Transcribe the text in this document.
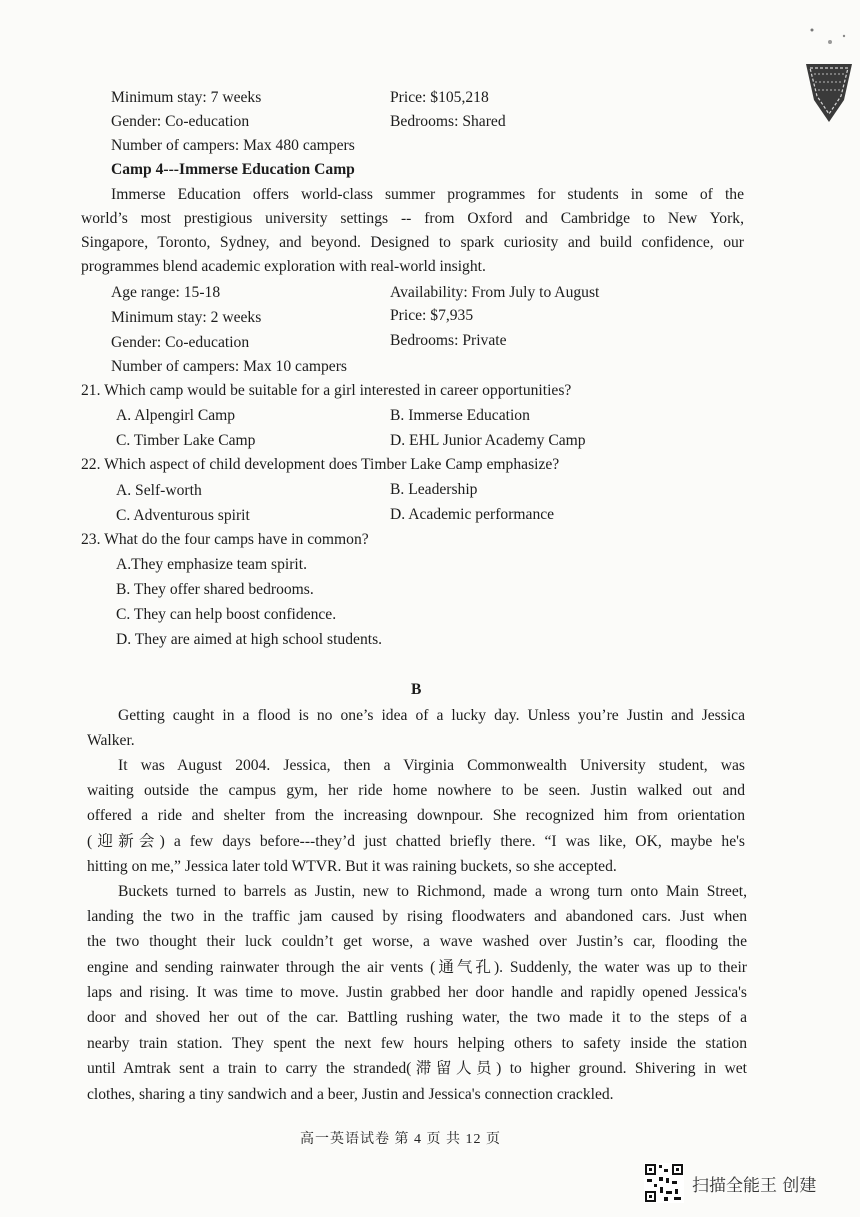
Minimum stay: 7 weeks	Price: $105,218
Gender: Co-education	Bedrooms: Shared
Number of campers: Max 480 campers
Camp 4---Immerse Education Camp
Immerse Education offers world-class summer programmes for students in some of the
world’s most prestigious university settings -- from Oxford and Cambridge to New York,
Singapore, Toronto, Sydney, and beyond. Designed to spark curiosity and build confidence, our
programmes blend academic exploration with real-world insight.
Age range: 15-18	Availability: From July to August
Minimum stay: 2 weeks	Price: $7,935
Gender: Co-education	Bedrooms: Private
Number of campers: Max 10 campers
21. Which camp would be suitable for a girl interested in career opportunities?
A. Alpengirl Camp	B. Immerse Education
C. Timber Lake Camp	D. EHL Junior Academy Camp
22. Which aspect of child development does Timber Lake Camp emphasize?
A. Self-worth	B. Leadership
C. Adventurous spirit	D. Academic performance
23. What do the four camps have in common?
A.They emphasize team spirit.
B. They offer shared bedrooms.
C. They can help boost confidence.
D. They are aimed at high school students.
B
Getting caught in a flood is no one’s idea of a lucky day. Unless you’re Justin and Jessica
Walker.
It was August 2004. Jessica, then a Virginia Commonwealth University student, was
waiting outside the campus gym, her ride home nowhere to be seen. Justin walked out and
offered a ride and shelter from the increasing downpour. She recognized him from orientation
(迎新会) a few days before---they’d just chatted briefly there. “I was like, OK, maybe he's
hitting on me,” Jessica later told WTVR. But it was raining buckets, so she accepted.
Buckets turned to barrels as Justin, new to Richmond, made a wrong turn onto Main Street,
landing the two in the traffic jam caused by rising floodwaters and abandoned cars. Just when
the two thought their luck couldn’t get worse, a wave washed over Justin’s car, flooding the
engine and sending rainwater through the air vents (通气孔). Suddenly, the water was up to their
laps and rising. It was time to move. Justin grabbed her door handle and rapidly opened Jessica's
door and shoved her out of the car. Battling rushing water, the two made it to the steps of a
nearby train station. They spent the next few hours helping others to safety inside the station
until Amtrak sent a train to carry the stranded(滞留人员) to higher ground. Shivering in wet
clothes, sharing a tiny sandwich and a beer, Justin and Jessica's connection crackled.
高一英语试卷 第 4 页 共 12 页
扫描全能王 创建
